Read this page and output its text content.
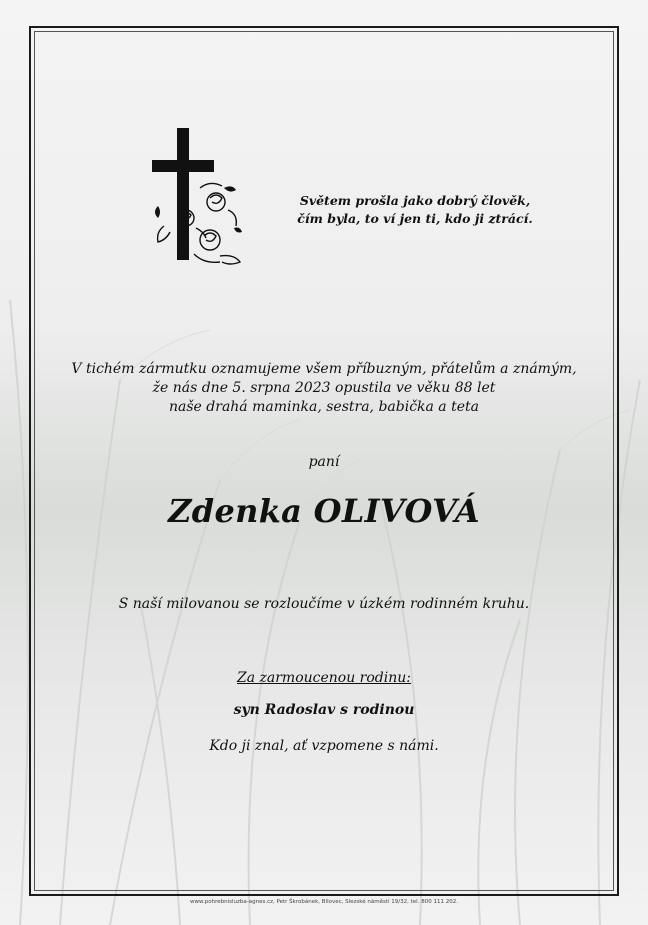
Světem prošla jako dobrý člověk,
čím byla, to ví jen ti, kdo ji ztrácí.
V tichém zármutku oznamujeme všem příbuzným, přátelům a známým,
že nás dne 5. srpna 2023 opustila ve věku 88 let
naše drahá maminka, sestra, babička a teta
paní
Zdenka OLIVOVÁ
S naší milovanou se rozloučíme v úzkém rodinném kruhu.
Za zarmoucenou rodinu:
syn Radoslav s rodinou
Kdo ji znal, ať vzpomene s námi.
www.pohrebnisluzba-agnes.cz, Petr Škrobánek, Bílovec, Slezské náměstí 19/32, tel. 800 111 202.
